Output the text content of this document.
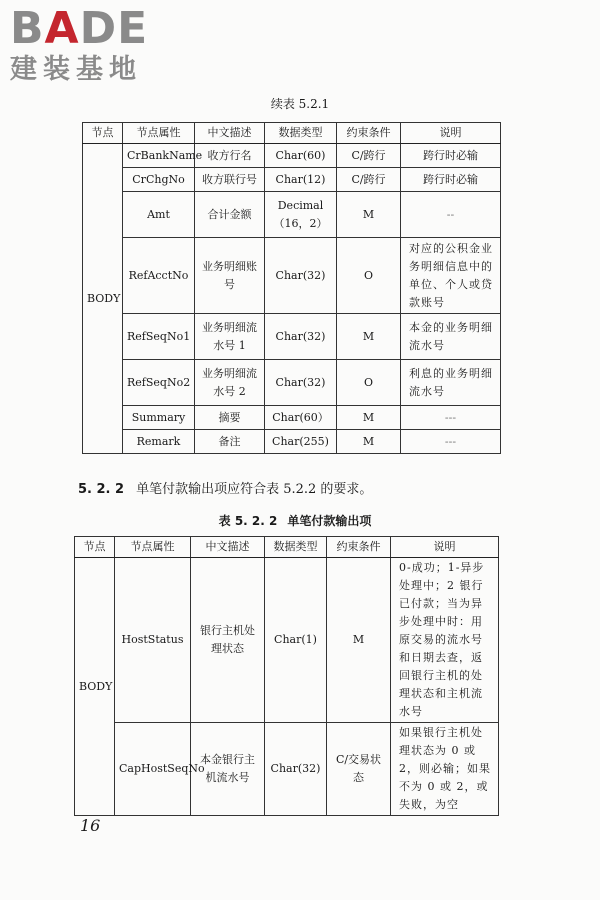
BADE
建装基地
续表 5.2.1
节点	节点属性	中文描述	数据类型	约束条件	说明
BODY	CrBankName	收方行名	Char(60)	C/跨行	跨行时必输
	CrChgNo	收方联行号	Char(12)	C/跨行	跨行时必输
	Amt	合计金额	Decimal （16，2）	M	--
	RefAcctNo	业务明细账号	Char(32)	O	对应的公积金业务明细信息中的单位、个人或贷款账号
	RefSeqNo1	业务明细流水号 1	Char(32)	M	本金的业务明细流水号
	RefSeqNo2	业务明细流水号 2	Char(32)	O	利息的业务明细流水号
	Summary	摘要	Char(60）	M	---
	Remark	备注	Char(255)	M	---
5. 2. 2 单笔付款输出项应符合表 5.2.2 的要求。
表 5. 2. 2 单笔付款输出项
节点	节点属性	中文描述	数据类型	约束条件	说明
BODY	HostStatus	银行主机处理状态	Char(1)	M	0-成功；1-异步处理中；2 银行已付款；当为异步处理中时：用原交易的流水号和日期去查，返回银行主机的处理状态和主机流水号
	CapHostSeqNo	本金银行主机流水号	Char(32)	C/交易状态	如果银行主机处理状态为 0 或 2，则必输；如果不为 0 或 2，或失败，为空
16
